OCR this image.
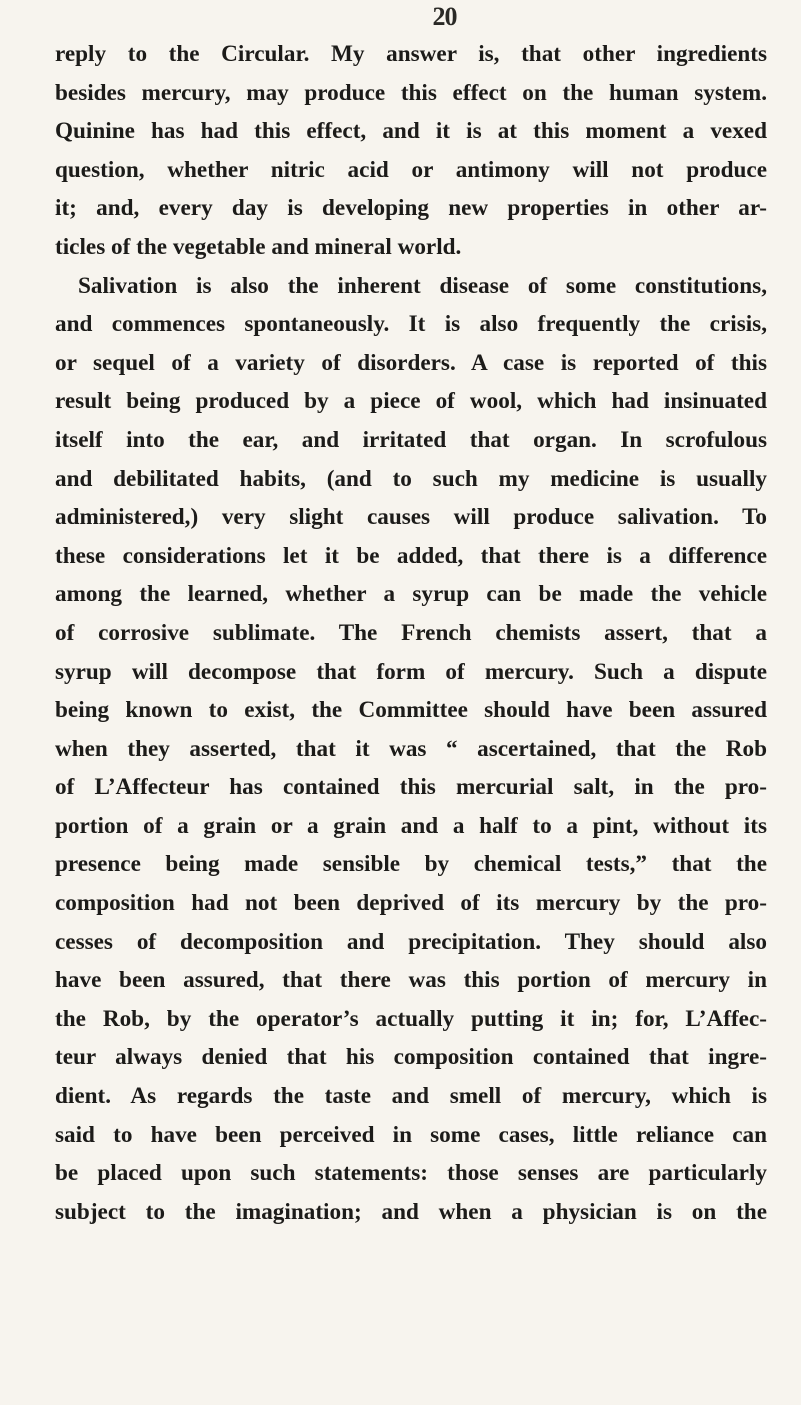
20
reply to the Circular. My answer is, that other ingredients
besides mercury, may produce this effect on the human system.
Quinine has had this effect, and it is at this moment a vexed
question, whether nitric acid or antimony will not produce
it; and, every day is developing new properties in other ar-
ticles of the vegetable and mineral world.
Salivation is also the inherent disease of some constitutions,
and commences spontaneously. It is also frequently the crisis,
or sequel of a variety of disorders. A case is reported of this
result being produced by a piece of wool, which had insinuated
itself into the ear, and irritated that organ. In scrofulous
and debilitated habits, (and to such my medicine is usually
administered,) very slight causes will produce salivation. To
these considerations let it be added, that there is a difference
among the learned, whether a syrup can be made the vehicle
of corrosive sublimate. The French chemists assert, that a
syrup will decompose that form of mercury. Such a dispute
being known to exist, the Committee should have been assured
when they asserted, that it was “ ascertained, that the Rob
of L’Affecteur has contained this mercurial salt, in the pro-
portion of a grain or a grain and a half to a pint, without its
presence being made sensible by chemical tests,” that the
composition had not been deprived of its mercury by the pro-
cesses of decomposition and precipitation. They should also
have been assured, that there was this portion of mercury in
the Rob, by the operator’s actually putting it in; for, L’Affec-
teur always denied that his composition contained that ingre-
dient. As regards the taste and smell of mercury, which is
said to have been perceived in some cases, little reliance can
be placed upon such statements: those senses are particularly
subject to the imagination; and when a physician is on the
